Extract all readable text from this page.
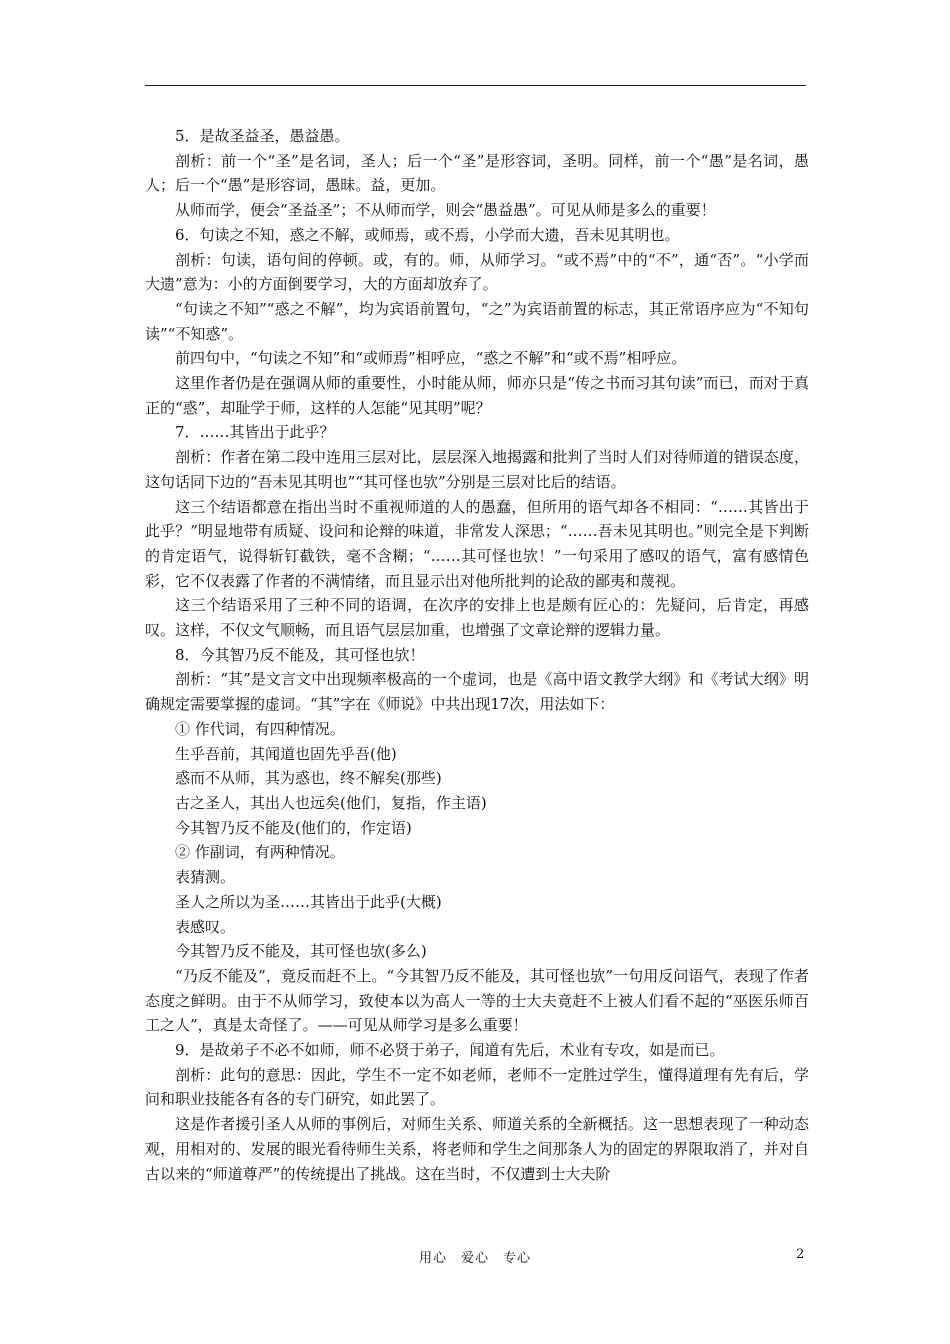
5．是故圣益圣，愚益愚。

剖析：前一个“圣”是名词，圣人；后一个“圣”是形容词，圣明。同样，前一个“愚”是名词，愚人；后一个“愚”是形容词，愚昧。益，更加。

从师而学，便会“圣益圣”；不从师而学，则会“愚益愚”。可见从师是多么的重要！

6．句读之不知，惑之不解，或师焉，或不焉，小学而大遗，吾未见其明也。

剖析：句读，语句间的停顿。或，有的。师，从师学习。“或不焉”中的“不”，通“否”。“小学而大遗”意为：小的方面倒要学习，大的方面却放弃了。

“句读之不知”“惑之不解”，均为宾语前置句，“之”为宾语前置的标志，其正常语序应为“不知句读”“不知惑”。

前四句中，“句读之不知”和“或师焉”相呼应，“惑之不解”和“或不焉”相呼应。

这里作者仍是在强调从师的重要性，小时能从师，师亦只是“传之书而习其句读”而已，而对于真正的“惑”，却耻学于师，这样的人怎能“见其明”呢？

7．……其皆出于此乎？

剖析：作者在第二段中连用三层对比，层层深入地揭露和批判了当时人们对待师道的错误态度，这句话同下边的“吾未见其明也”“其可怪也欤”分别是三层对比后的结语。

这三个结语都意在指出当时不重视师道的人的愚蠢，但所用的语气却各不相同：“……其皆出于此乎？”明显地带有质疑、设问和论辩的味道，非常发人深思；“……吾未见其明也。”则完全是下判断的肯定语气，说得斩钉截铁，毫不含糊；“……其可怪也欤！”一句采用了感叹的语气，富有感情色彩，它不仅表露了作者的不满情绪，而且显示出对他所批判的论敌的鄙夷和蔑视。

这三个结语采用了三种不同的语调，在次序的安排上也是颇有匠心的：先疑问，后肯定，再感叹。这样，不仅文气顺畅，而且语气层层加重，也增强了文章论辩的逻辑力量。

8．今其智乃反不能及，其可怪也欤！

剖析：“其”是文言文中出现频率极高的一个虚词，也是《高中语文教学大纲》和《考试大纲》明确规定需要掌握的虚词。“其”字在《师说》中共出现17次，用法如下：

① 作代词，有四种情况。

生乎吾前，其闻道也固先乎吾(他)

惑而不从师，其为惑也，终不解矣(那些)

古之圣人，其出人也远矣(他们，复指，作主语)

今其智乃反不能及(他们的，作定语)

② 作副词，有两种情况。

表猜测。

圣人之所以为圣……其皆出于此乎(大概)

表感叹。

今其智乃反不能及，其可怪也欤(多么)

“乃反不能及”，竟反而赶不上。“今其智乃反不能及，其可怪也欤”一句用反问语气，表现了作者态度之鲜明。由于不从师学习，致使本以为高人一等的士大夫竟赶不上被人们看不起的“巫医乐师百工之人”，真是太奇怪了。——可见从师学习是多么重要！

9．是故弟子不必不如师，师不必贤于弟子，闻道有先后，术业有专攻，如是而已。

剖析：此句的意思：因此，学生不一定不如老师，老师不一定胜过学生，懂得道理有先有后，学问和职业技能各有各的专门研究，如此罢了。

这是作者援引圣人从师的事例后，对师生关系、师道关系的全新概括。这一思想表现了一种动态观，用相对的、发展的眼光看待师生关系，将老师和学生之间那条人为的固定的界限取消了，并对自古以来的“师道尊严”的传统提出了挑战。这在当时，不仅遭到士大夫阶

用心　爱心　专心	2
